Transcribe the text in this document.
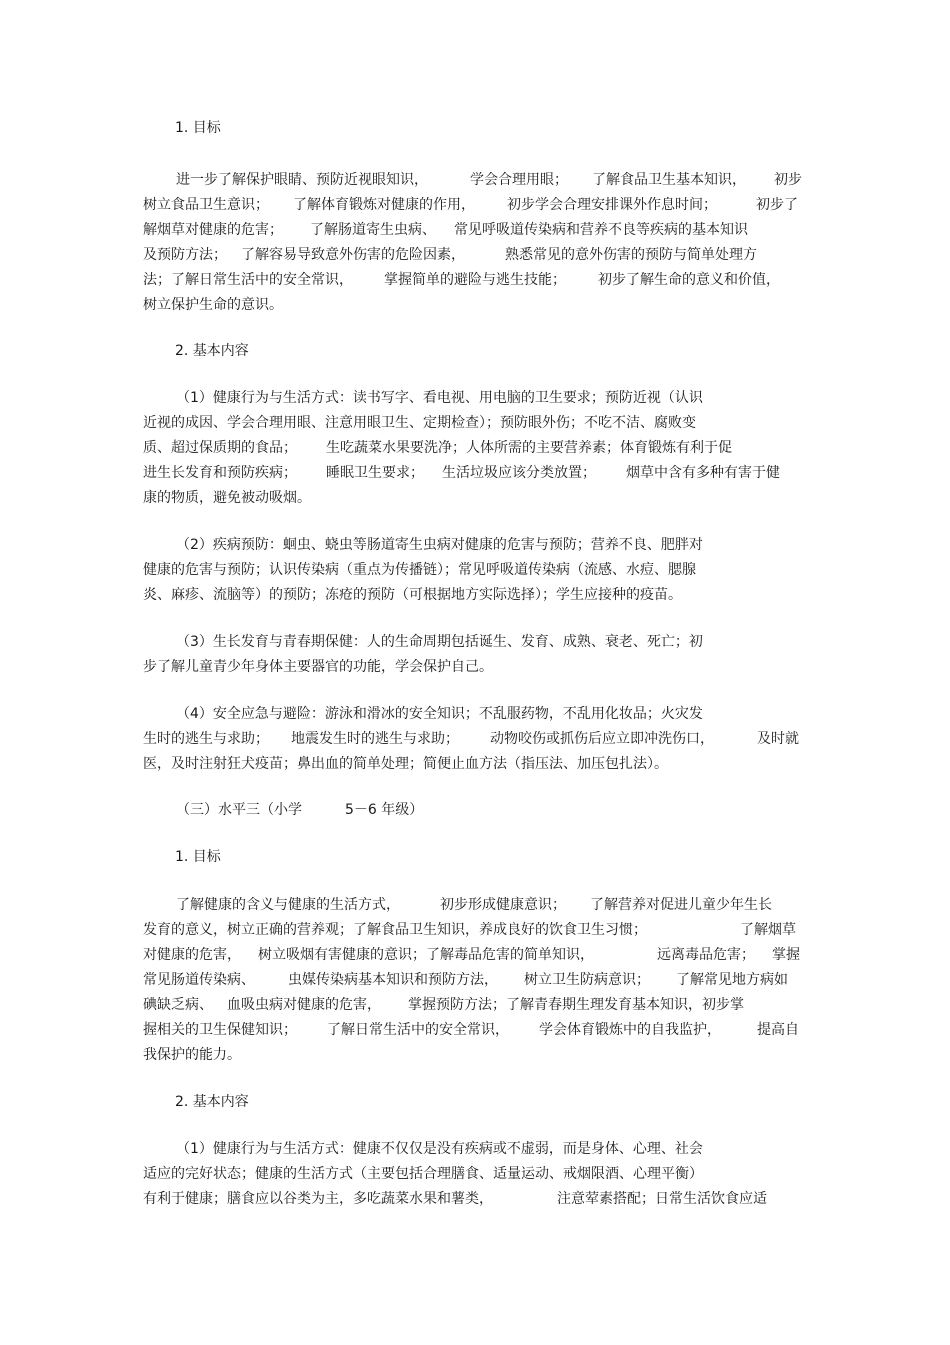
1. 目标
进一步了解保护眼睛、预防近视眼知识，	学会合理用眼； 了解食品卫生基本知识， 初步
树立食品卫生意识； 了解体育锻炼对健康的作用， 初步学会合理安排课外作息时间；	初步了
解烟草对健康的危害； 了解肠道寄生虫病、 常见呼吸道传染病和营养不良等疾病的基本知识
及预防方法； 了解容易导致意外伤害的危险因素，	熟悉常见的意外伤害的预防与简单处理方
法；了解日常生活中的安全常识， 掌握简单的避险与逃生技能； 初步了解生命的意义和价值，
树立保护生命的意识。
2. 基本内容
（1）健康行为与生活方式：读书写字、看电视、用电脑的卫生要求；预防近视（认识
近视的成因、学会合理用眼、注意用眼卫生、定期检查）；预防眼外伤；不吃不洁、腐败变
质、超过保质期的食品； 生吃蔬菜水果要洗净；人体所需的主要营养素；体育锻炼有利于促
进生长发育和预防疾病； 睡眠卫生要求； 生活垃圾应该分类放置； 烟草中含有多种有害于健
康的物质，避免被动吸烟。
（2）疾病预防：蛔虫、蛲虫等肠道寄生虫病对健康的危害与预防；营养不良、肥胖对
健康的危害与预防；认识传染病（重点为传播链）；常见呼吸道传染病（流感、水痘、腮腺
炎、麻疹、流脑等）的预防；冻疮的预防（可根据地方实际选择）；学生应接种的疫苗。
（3）生长发育与青春期保健：人的生命周期包括诞生、发育、成熟、衰老、死亡；初
步了解儿童青少年身体主要器官的功能，学会保护自己。
（4）安全应急与避险：游泳和滑冰的安全知识；不乱服药物，不乱用化妆品；火灾发
生时的逃生与求助； 地震发生时的逃生与求助； 动物咬伤或抓伤后应立即冲洗伤口，	及时就
医，及时注射狂犬疫苗；鼻出血的简单处理；简便止血方法（指压法、加压包扎法）。
（三）水平三（小学	5－6 年级）
1. 目标
了解健康的含义与健康的生活方式，	初步形成健康意识； 了解营养对促进儿童少年生长
发育的意义，树立正确的营养观；了解食品卫生知识，养成良好的饮食卫生习惯；	了解烟草
对健康的危害， 树立吸烟有害健康的意识；了解毒品危害的简单知识，	远离毒品危害； 掌握
常见肠道传染病、 虫媒传染病基本知识和预防方法， 树立卫生防病意识； 了解常见地方病如
碘缺乏病、 血吸虫病对健康的危害， 掌握预防方法；了解青春期生理发育基本知识，初步掌
握相关的卫生保健知识； 了解日常生活中的安全常识， 学会体育锻炼中的自我监护，	提高自
我保护的能力。
2. 基本内容
（1）健康行为与生活方式：健康不仅仅是没有疾病或不虚弱，而是身体、心理、社会
适应的完好状态；健康的生活方式（主要包括合理膳食、适量运动、戒烟限酒、心理平衡）
有利于健康；膳食应以谷类为主，多吃蔬菜水果和薯类，	注意荤素搭配；日常生活饮食应适
